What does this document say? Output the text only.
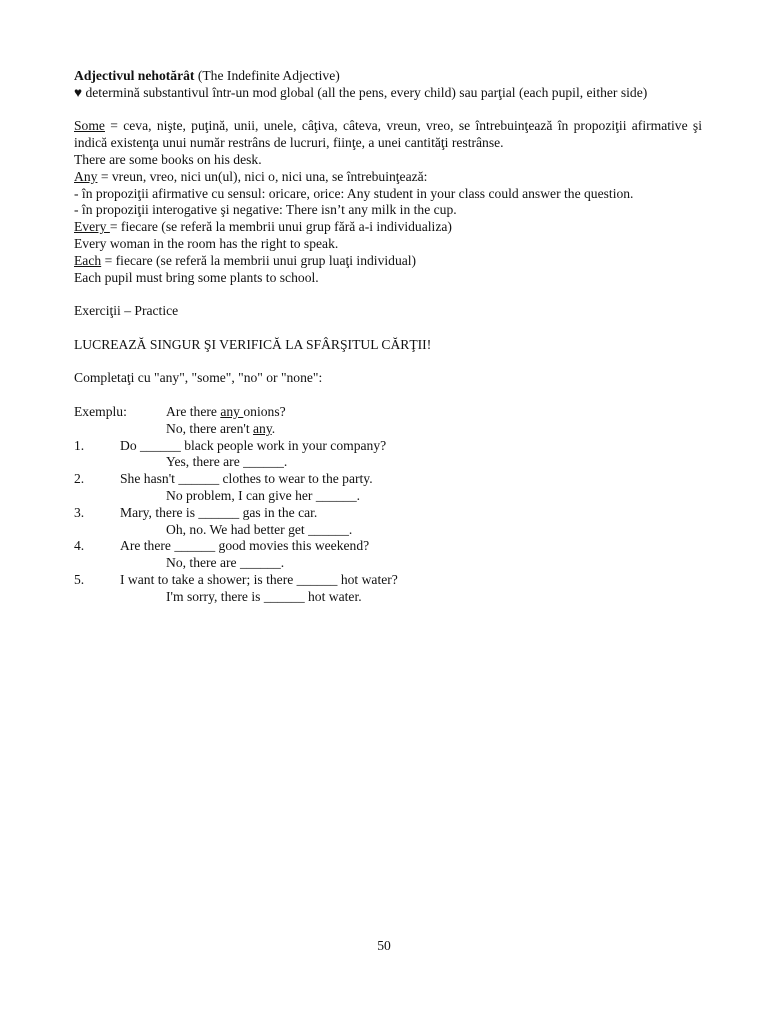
Adjectivul nehotărât (The Indefinite Adjective)
♥ determină substantivul într-un mod global (all the pens, every child) sau parţial (each pupil, either side)
Some = ceva, nişte, puţină, unii, unele, câţiva, câteva, vreun, vreo, se întrebuinţează în propoziţii afirmative şi indică existenţa unui număr restrâns de lucruri, fiinţe, a unei cantităţi restrânse.
There are some books on his desk.
Any = vreun, vreo, nici un(ul), nici o, nici una, se întrebuinţează:
- în propoziţii afirmative cu sensul: oricare, orice: Any student in your class could answer the question.
- în propoziţii interogative şi negative: There isn’t any milk in the cup.
Every = fiecare (se referă la membrii unui grup fără a-i individualiza)
Every woman in the room has the right to speak.
Each = fiecare (se referă la membrii unui grup luaţi individual)
Each pupil must bring some plants to school.
Exerciţii – Practice
LUCREAZĂ SINGUR ŞI VERIFICĂ LA SFÂRŞITUL CĂRŢII!
Completaţi cu "any", "some", "no" or "none":
Exemplu:	Are there any onions?
No, there aren't any.
1.	Do ______ black people work in your company?
Yes, there are ______.
2.	She hasn't ______ clothes to wear to the party.
No problem, I can give her ______.
3.	Mary, there is ______ gas in the car.
Oh, no. We had better get ______.
4.	Are there ______ good movies this weekend?
No, there are ______.
5.	I want to take a shower; is there ______ hot water?
I'm sorry, there is ______ hot water.
50
